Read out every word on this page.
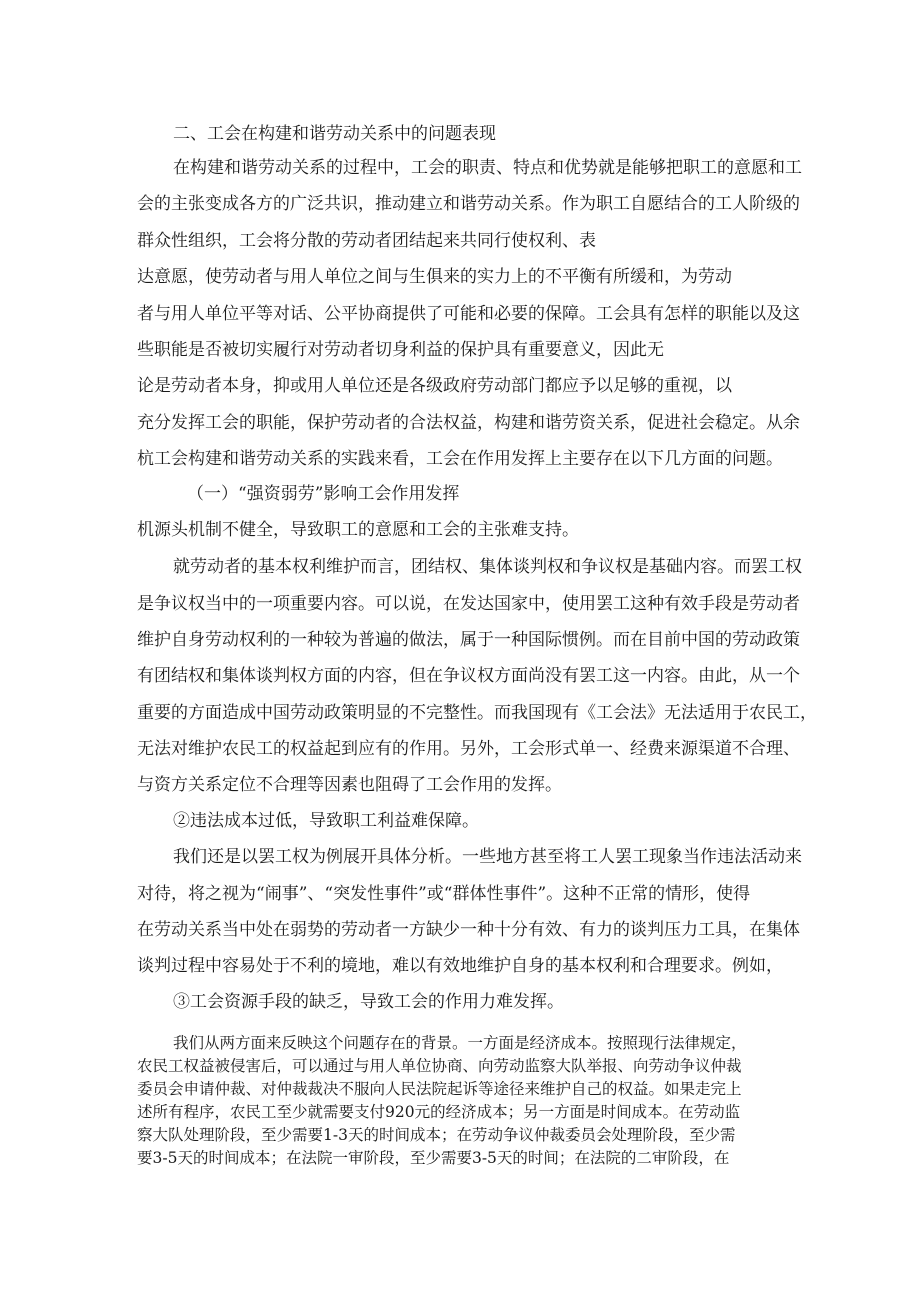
二、工会在构建和谐劳动关系中的问题表现

在构建和谐劳动关系的过程中，工会的职责、特点和优势就是能够把职工的意愿和工

会的主张变成各方的广泛共识，推动建立和谐劳动关系。作为职工自愿结合的工人阶级的

群众性组织，工会将分散的劳动者团结起来共同行使权利、表

达意愿，使劳动者与用人单位之间与生俱来的实力上的不平衡有所缓和，为劳动

者与用人单位平等对话、公平协商提供了可能和必要的保障。工会具有怎样的职能以及这

些职能是否被切实履行对劳动者切身利益的保护具有重要意义，因此无

论是劳动者本身，抑或用人单位还是各级政府劳动部门都应予以足够的重视，以

充分发挥工会的职能，保护劳动者的合法权益，构建和谐劳资关系，促进社会稳定。从余

杭工会构建和谐劳动关系的实践来看，工会在作用发挥上主要存在以下几方面的问题。

（一）“强资弱劳”影响工会作用发挥

机源头机制不健全，导致职工的意愿和工会的主张难支持。

就劳动者的基本权利维护而言，团结权、集体谈判权和争议权是基础内容。而罢工权

是争议权当中的一项重要内容。可以说，在发达国家中，使用罢工这种有效手段是劳动者

维护自身劳动权利的一种较为普遍的做法，属于一种国际惯例。而在目前中国的劳动政策

有团结权和集体谈判权方面的内容，但在争议权方面尚没有罢工这一内容。由此，从一个

重要的方面造成中国劳动政策明显的不完整性。而我国现有《工会法》无法适用于农民工，

无法对维护农民工的权益起到应有的作用。另外，工会形式单一、经费来源渠道不合理、

与资方关系定位不合理等因素也阻碍了工会作用的发挥。

②违法成本过低，导致职工利益难保障。

我们还是以罢工权为例展开具体分析。一些地方甚至将工人罢工现象当作违法活动来

对待，将之视为“闹事”、“突发性事件”或“群体性事件”。这种不正常的情形，使得

在劳动关系当中处在弱势的劳动者一方缺少一种十分有效、有力的谈判压力工具，在集体

谈判过程中容易处于不利的境地，难以有效地维护自身的基本权利和合理要求。例如，

③工会资源手段的缺乏，导致工会的作用力难发挥。

我们从两方面来反映这个问题存在的背景。一方面是经济成本。按照现行法律规定，

农民工权益被侵害后，可以通过与用人单位协商、向劳动监察大队举报、向劳动争议仲裁

委员会申请仲裁、对仲裁裁决不服向人民法院起诉等途径来维护自己的权益。如果走完上

述所有程序，农民工至少就需要支付920元的经济成本；另一方面是时间成本。在劳动监

察大队处理阶段，至少需要1-3天的时间成本；在劳动争议仲裁委员会处理阶段，至少需

要3-5天的时间成本；在法院一审阶段，至少需要3-5天的时间；在法院的二审阶段，在
